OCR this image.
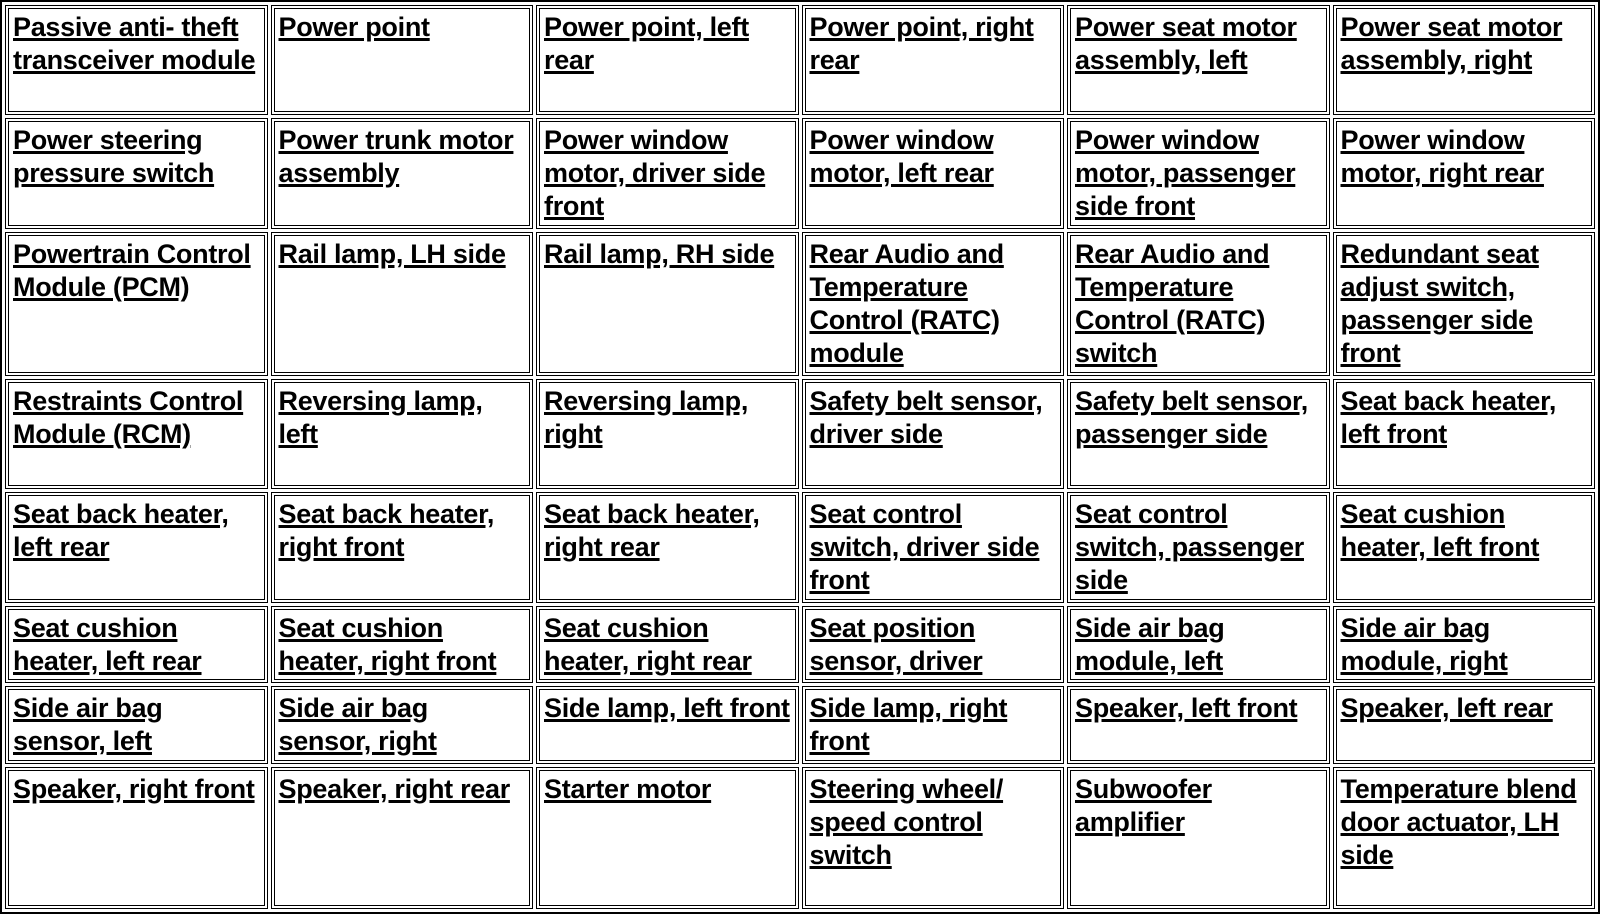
Passive anti- theft transceiver module	Power point	Power point, left rear	Power point, right rear	Power seat motor assembly, left	Power seat motor assembly, right
Power steering pressure switch	Power trunk motor assembly	Power window motor, driver side front	Power window motor, left rear	Power window motor, passenger side front	Power window motor, right rear
Powertrain Control Module (PCM)	Rail lamp, LH side	Rail lamp, RH side	Rear Audio and Temperature Control (RATC) module	Rear Audio and Temperature Control (RATC) switch	Redundant seat adjust switch, passenger side front
Restraints Control Module (RCM)	Reversing lamp, left	Reversing lamp, right	Safety belt sensor, driver side	Safety belt sensor, passenger side	Seat back heater, left front
Seat back heater, left rear	Seat back heater, right front	Seat back heater, right rear	Seat control switch, driver side front	Seat control switch, passenger side	Seat cushion heater, left front
Seat cushion heater, left rear	Seat cushion heater, right front	Seat cushion heater, right rear	Seat position sensor, driver	Side air bag module, left	Side air bag module, right
Side air bag sensor, left	Side air bag sensor, right	Side lamp, left front	Side lamp, right front	Speaker, left front	Speaker, left rear
Speaker, right front	Speaker, right rear	Starter motor	Steering wheel/ speed control switch	Subwoofer amplifier	Temperature blend door actuator, LH side
